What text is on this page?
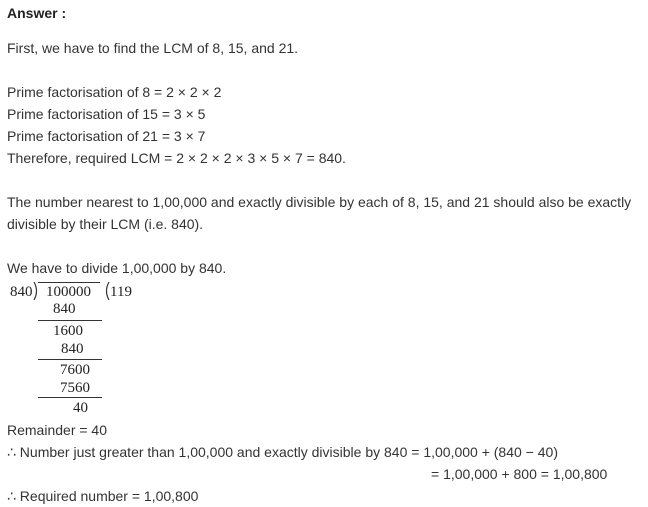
Answer :
First, we have to find the LCM of 8, 15, and 21.
Prime factorisation of 8 = 2 × 2 × 2
Prime factorisation of 15 = 3 × 5
Prime factorisation of 21 = 3 × 7
Therefore, required LCM = 2 × 2 × 2 × 3 × 5 × 7 = 840.
The number nearest to 1,00,000 and exactly divisible by each of 8, 15, and 21 should also be exactly
divisible by their LCM (i.e. 840).
We have to divide 1,00,000 by 840.
840 100000 119
840
1600
840
7600
7560
40
Remainder = 40
∴ Number just greater than 1,00,000 and exactly divisible by 840 = 1,00,000 + (840 − 40)
= 1,00,000 + 800 = 1,00,800
∴ Required number = 1,00,800
